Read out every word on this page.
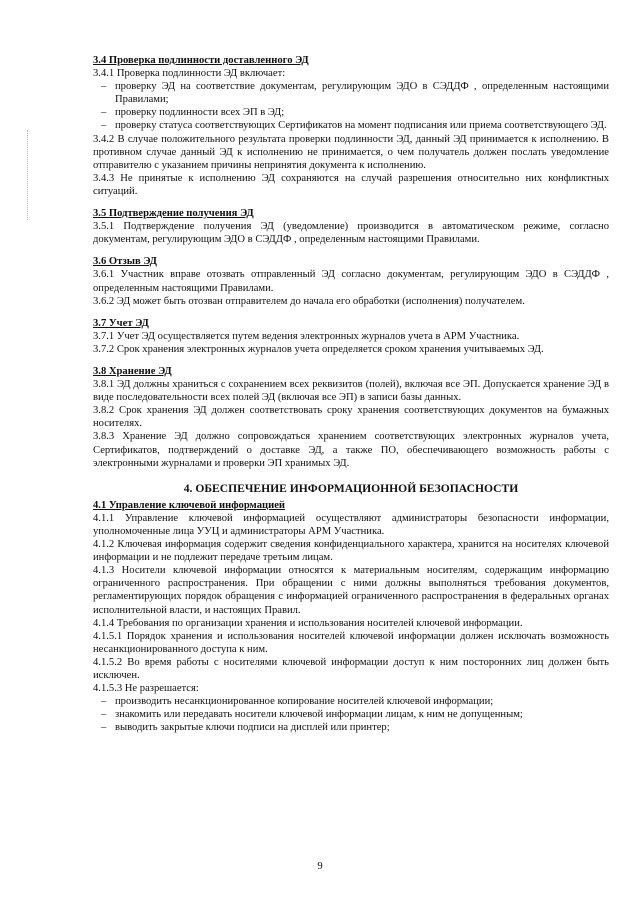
3.4 Проверка подлинности доставленного ЭД
3.4.1 Проверка подлинности ЭД включает:
– проверку ЭД на соответствие документам, регулирующим ЭДО в СЭДДФ , определенным настоящими Правилами;
– проверку подлинности всех ЭП в ЭД;
– проверку статуса соответствующих Сертификатов на момент подписания или приема соответствующего ЭД.
3.4.2 В случае положительного результата проверки подлинности ЭД, данный ЭД принимается к исполнению. В противном случае данный ЭД к исполнению не принимается, о чем получатель должен послать уведомление отправителю с указанием причины непринятия документа к исполнению.
3.4.3 Не принятые к исполнению ЭД сохраняются на случай разрешения относительно них конфликтных ситуаций.
3.5 Подтверждение получения ЭД
3.5.1 Подтверждение получения ЭД (уведомление) производится в автоматическом режиме, согласно документам, регулирующим ЭДО в СЭДДФ , определенным настоящими Правилами.
3.6 Отзыв ЭД
3.6.1 Участник вправе отозвать отправленный ЭД согласно документам, регулирующим ЭДО в СЭДДФ , определенным настоящими Правилами.
3.6.2 ЭД может быть отозван отправителем до начала его обработки (исполнения) получателем.
3.7 Учет ЭД
3.7.1 Учет ЭД осуществляется путем ведения электронных журналов учета в АРМ Участника.
3.7.2 Срок хранения электронных журналов учета определяется сроком хранения учитываемых ЭД.
3.8 Хранение ЭД
3.8.1 ЭД должны храниться с сохранением всех реквизитов (полей), включая все ЭП. Допускается хранение ЭД в виде последовательности всех полей ЭД (включая все ЭП) в записи базы данных.
3.8.2 Срок хранения ЭД должен соответствовать сроку хранения соответствующих документов на бумажных носителях.
3.8.3 Хранение ЭД должно сопровождаться хранением соответствующих электронных журналов учета, Сертификатов, подтверждений о доставке ЭД, а также ПО, обеспечивающего возможность работы с электронными журналами и проверки ЭП хранимых ЭД.
4. ОБЕСПЕЧЕНИЕ ИНФОРМАЦИОННОЙ БЕЗОПАСНОСТИ
4.1 Управление ключевой информацией
4.1.1 Управление ключевой информацией осуществляют администраторы безопасности информации, уполномоченные лица УУЦ и администраторы АРМ Участника.
4.1.2 Ключевая информация содержит сведения конфиденциального характера, хранится на носителях ключевой информации и не подлежит передаче третьим лицам.
4.1.3 Носители ключевой информации относятся к материальным носителям, содержащим информацию ограниченного распространения. При обращении с ними должны выполняться требования документов, регламентирующих порядок обращения с информацией ограниченного распространения в федеральных органах исполнительной власти, и настоящих Правил.
4.1.4 Требования по организации хранения и использования носителей ключевой информации.
4.1.5.1 Порядок хранения и использования носителей ключевой информации должен исключать возможность несанкционированного доступа к ним.
4.1.5.2 Во время работы с носителями ключевой информации доступ к ним посторонних лиц должен быть исключен.
4.1.5.3 Не разрешается:
– производить несанкционированное копирование носителей ключевой информации;
– знакомить или передавать носители ключевой информации лицам, к ним не допущенным;
– выводить закрытые ключи подписи на дисплей или принтер;
9
